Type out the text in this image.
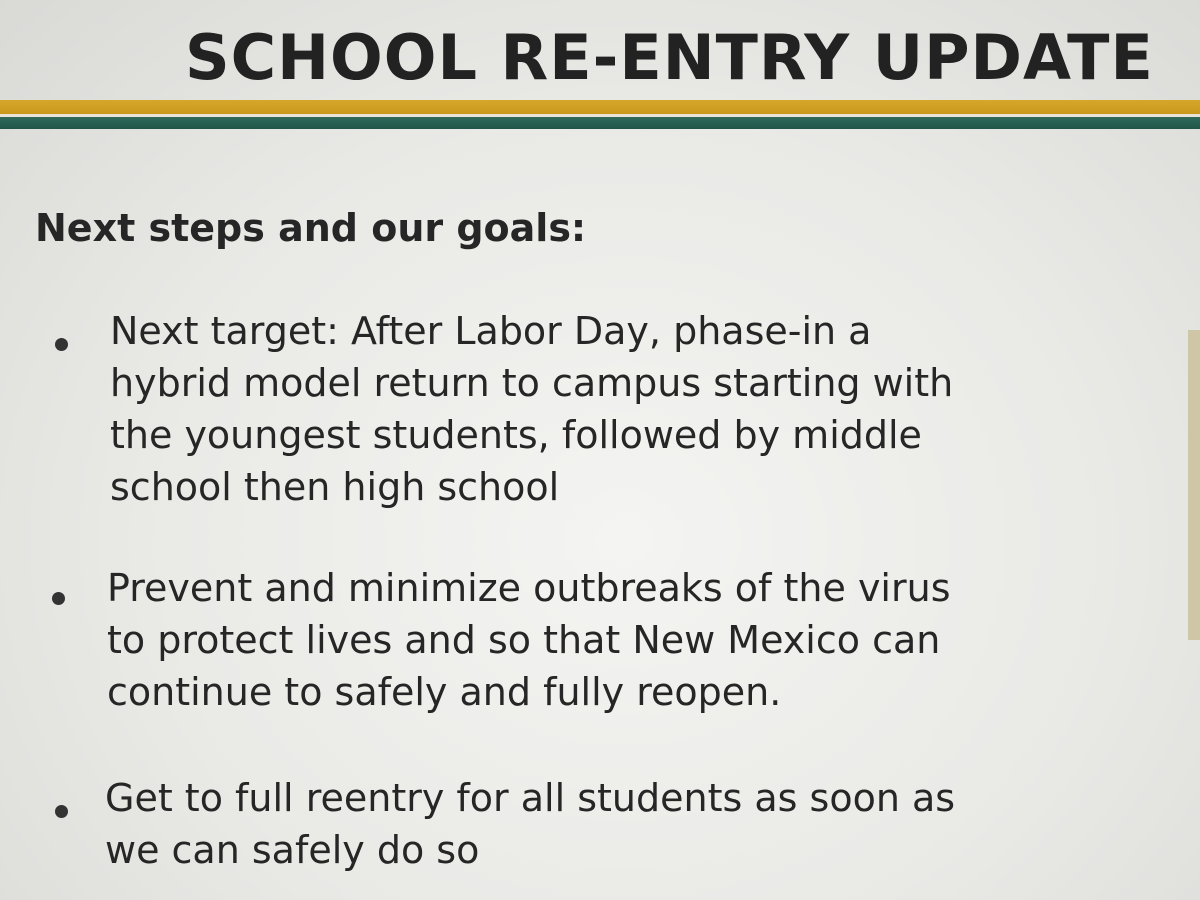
SCHOOL RE-ENTRY UPDATE
Next steps and our goals:

Next target: After Labor Day, phase-in a
hybrid model return to campus starting with
the youngest students, followed by middle
school then high school

Prevent and minimize outbreaks of the virus
to protect lives and so that New Mexico can
continue to safely and fully reopen.

Get to full reentry for all students as soon as
we can safely do so
